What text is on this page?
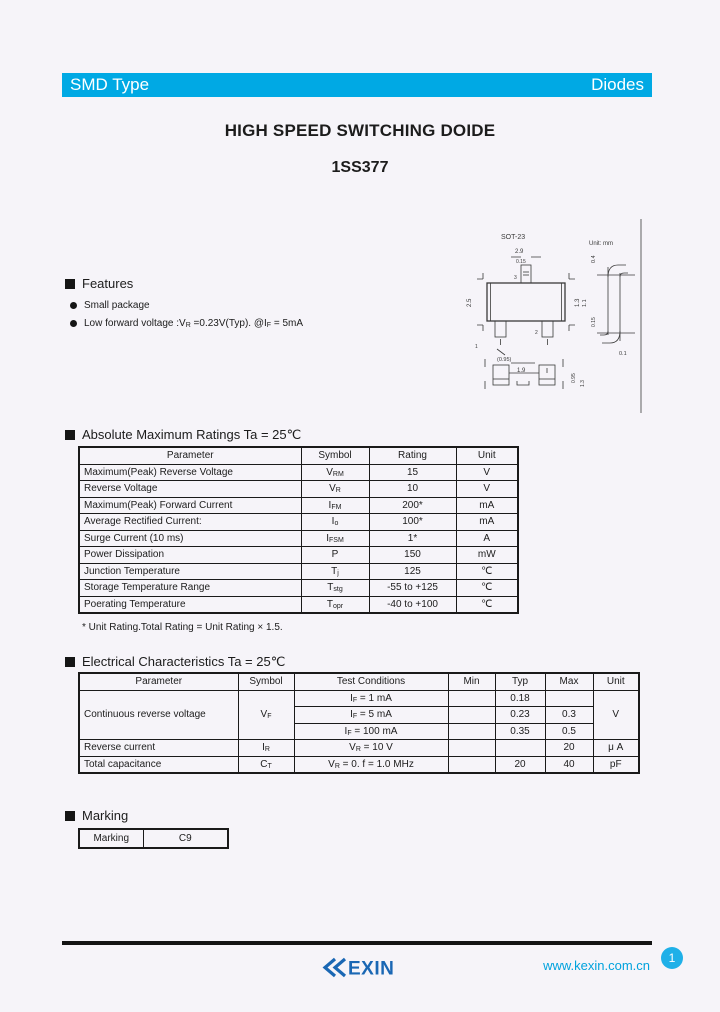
SMD Type	Diodes
HIGH SPEED SWITCHING DOIDE
1SS377
SOT-23
Unit: mm
2.9
0.15
2.5	1.3
(0.95)
1.9
0.4
0.15
0.1
1.1
0.95
1.3
3
1
2
Features
Small package
Low forward voltage $:V_R =0.23V(Typ)$. $@I_F = 5mA$
Absolute Maximum Ratings Ta = 25℃
Parameter	Symbol	Rating	Unit
Maximum(Peak) Reverse Voltage	$V_{RM}$	15	V
Reverse Voltage	$V_R$	10	V
Maximum(Peak) Forward Current	$I_{FM}$	200*	mA
Average Rectified Current:	$I_o$	100*	mA
Surge Current (10 ms)	$I_{FSM}$	1*	A
Power Dissipation	P	150	mW
Junction Temperature	$T_j$	125	℃
Storage Temperature Range	$T_{stg}$	-55 to +125	℃
Poerating Temperature	$T_{opr}$	-40 to +100	℃
* Unit Rating.Total Rating = Unit Rating × 1.5.
Electrical Characteristics Ta = 25℃
Parameter	Symbol	Test Conditions	Min	Typ	Max	Unit
Continuous reverse voltage	$V_F$	$I_F = 1$ mA		0.18		V
		$I_F = 5$ mA		0.23	0.3	
		$I_F = 100$ mA		0.35	0.5	
Reverse current	$I_R$	$V_R = 10$ V			20	μ A
Total capacitance	$C_T$	$V_R = 0$. f = 1.0 MHz		20	40	pF
Marking
Marking	C9
EXIN	www.kexin.com.cn	1
